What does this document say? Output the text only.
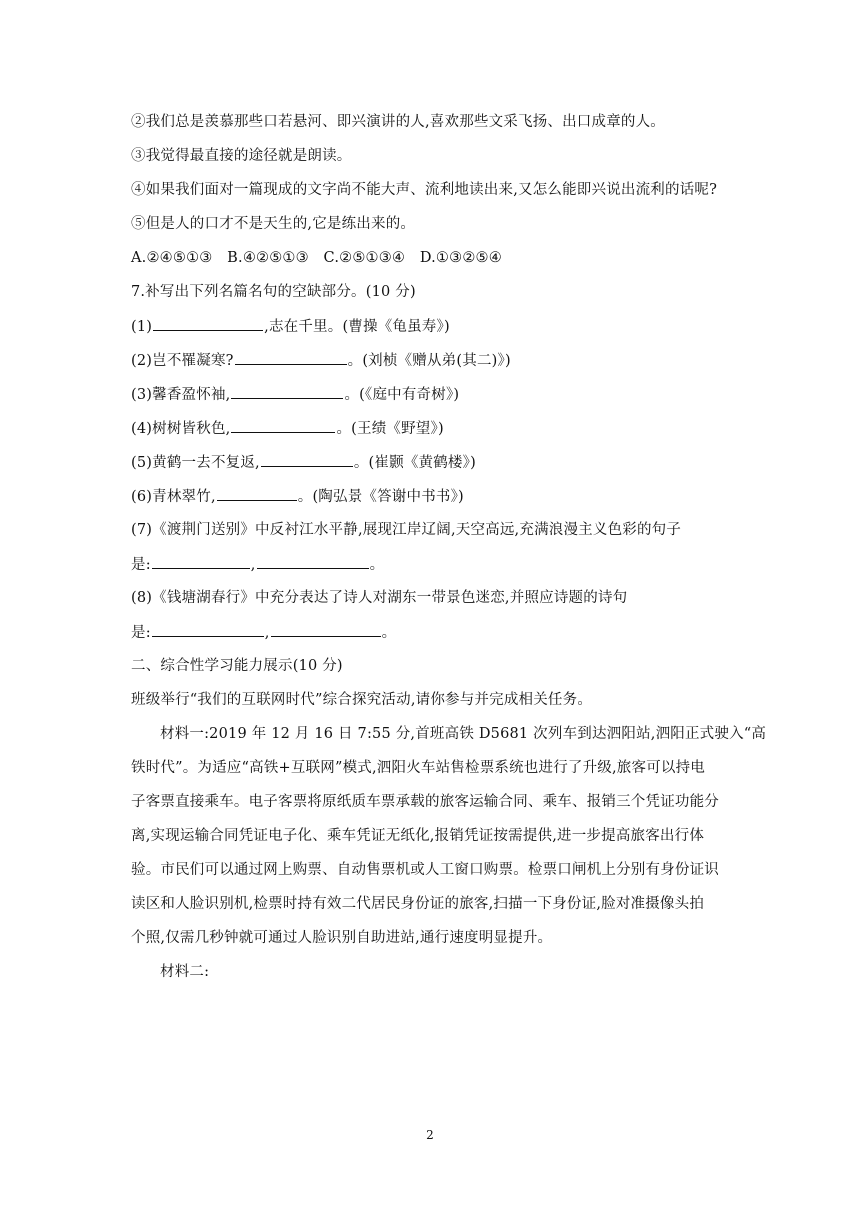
②我们总是羡慕那些口若悬河、即兴演讲的人,喜欢那些文采飞扬、出口成章的人。
③我觉得最直接的途径就是朗读。
④如果我们面对一篇现成的文字尚不能大声、流利地读出来,又怎么能即兴说出流利的话呢?
⑤但是人的口才不是天生的,它是练出来的。
A.②④⑤①③　B.④②⑤①③　C.②⑤①③④　D.①③②⑤④
7.补写出下列名篇名句的空缺部分。(10 分)
(1)	,志在千里。(曹操《龟虽寿》)
(2)岂不罹凝寒?	。(刘桢《赠从弟(其二)》)
(3)馨香盈怀袖,	。(《庭中有奇树》)
(4)树树皆秋色,	。(王绩《野望》)
(5)黄鹤一去不复返,	。(崔颢《黄鹤楼》)
(6)青林翠竹,	。(陶弘景《答谢中书书》)
(7)《渡荆门送别》中反衬江水平静,展现江岸辽阔,天空高远,充满浪漫主义色彩的句子
是:	,	。
(8)《钱塘湖春行》中充分表达了诗人对湖东一带景色迷恋,并照应诗题的诗句
是:	,	。
二、综合性学习能力展示(10 分)
班级举行“我们的互联网时代”综合探究活动,请你参与并完成相关任务。
材料一:2019 年 12 月 16 日 7:55 分,首班高铁 D5681 次列车到达泗阳站,泗阳正式驶入“高
铁时代”。为适应“高铁+互联网”模式,泗阳火车站售检票系统也进行了升级,旅客可以持电
子客票直接乘车。电子客票将原纸质车票承载的旅客运输合同、乘车、报销三个凭证功能分
离,实现运输合同凭证电子化、乘车凭证无纸化,报销凭证按需提供,进一步提高旅客出行体
验。市民们可以通过网上购票、自动售票机或人工窗口购票。检票口闸机上分别有身份证识
读区和人脸识别机,检票时持有效二代居民身份证的旅客,扫描一下身份证,脸对准摄像头拍
个照,仅需几秒钟就可通过人脸识别自助进站,通行速度明显提升。
材料二:
2
